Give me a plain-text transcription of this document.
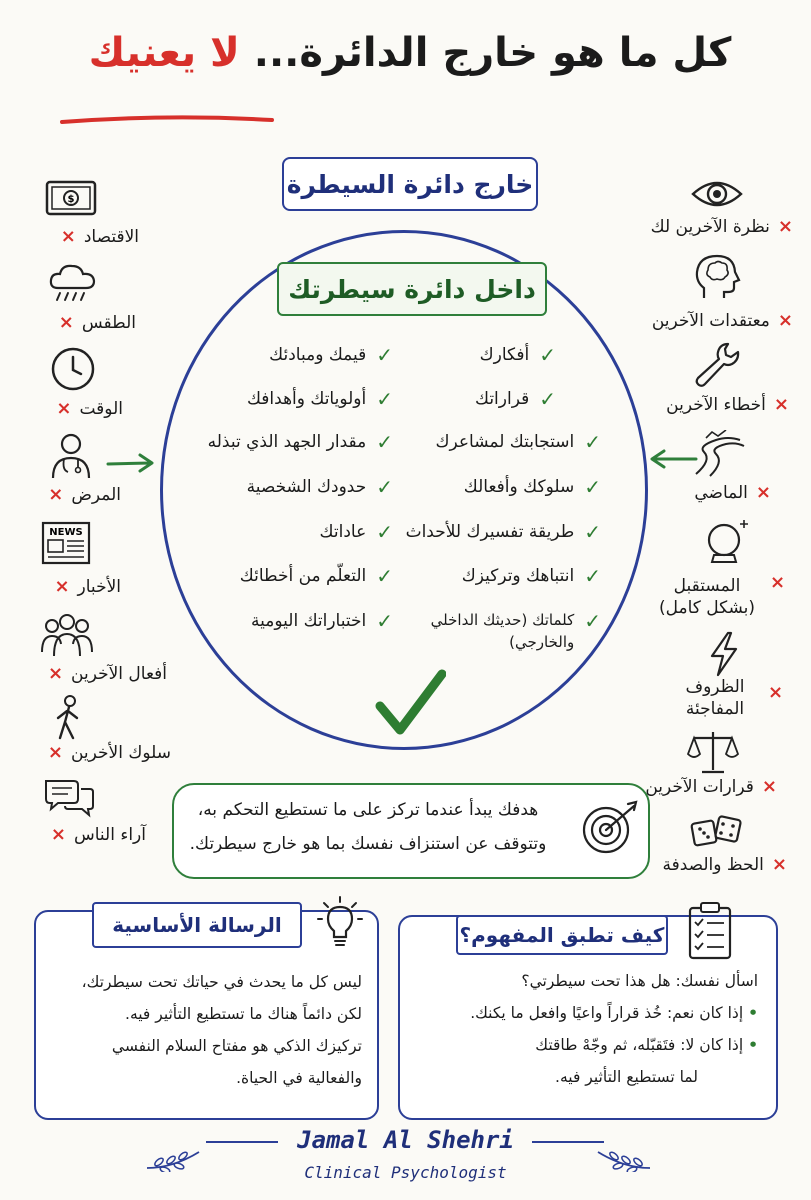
كل ما هو خارج الدائرة... لا يعنيك
خارج دائرة السيطرة
داخل دائرة سيطرتك
✓
أفكارك
✓
قراراتك
✓
استجابتك لمشاعرك
✓
سلوكك وأفعالك
✓
طريقة تفسيرك للأحداث
✓
انتباهك وتركيزك
✓
كلماتك (حديثك الداخلي والخارجي)
✓
قيمك ومبادئك
✓
أولوياتك وأهدافك
✓
مقدار الجهد الذي تبذله
✓
حدودك الشخصية
✓
عاداتك
✓
التعلّم من أخطائك
✓
اختباراتك اليومية
$
الاقتصاد
×
الطقس
×
الوقت
×
المرض
×
NEWS
الأخبار
×
أفعال الآخرين
×
سلوك الأخرين
×
آراء الناس
×
×
نظرة الآخرين لك
×
معتقدات الآخرين
×
أخطاء الآخرين
×
الماضي
المستقبل (بشكل كامل)
×
الظروف المفاجئة
×
×
قرارات الآخرين
×
الحظ والصدفة
هدفك يبدأ عندما تركز على ما تستطيع التحكم به،
وتتوقف عن استنزاف نفسك بما هو خارج سيطرتك.
الرسالة الأساسية
ليس كل ما يحدث في حياتك تحت سيطرتك،
لكن دائماً هناك ما تستطيع التأثير فيه.
تركيزك الذكي هو مفتاح السلام النفسي
والفعالية في الحياة.
كيف تطبق المفهوم؟
اسأل نفسك: هل هذا تحت سيطرتي؟
• إذا كان نعم: خُذ قراراً واعيًا وافعل ما يكنك.
• إذا كان لا: فتَقبّله، ثم وجّهْ طاقتك
لما تستطيع التأثير فيه.
Jamal Al Shehri
Clinical Psychologist
